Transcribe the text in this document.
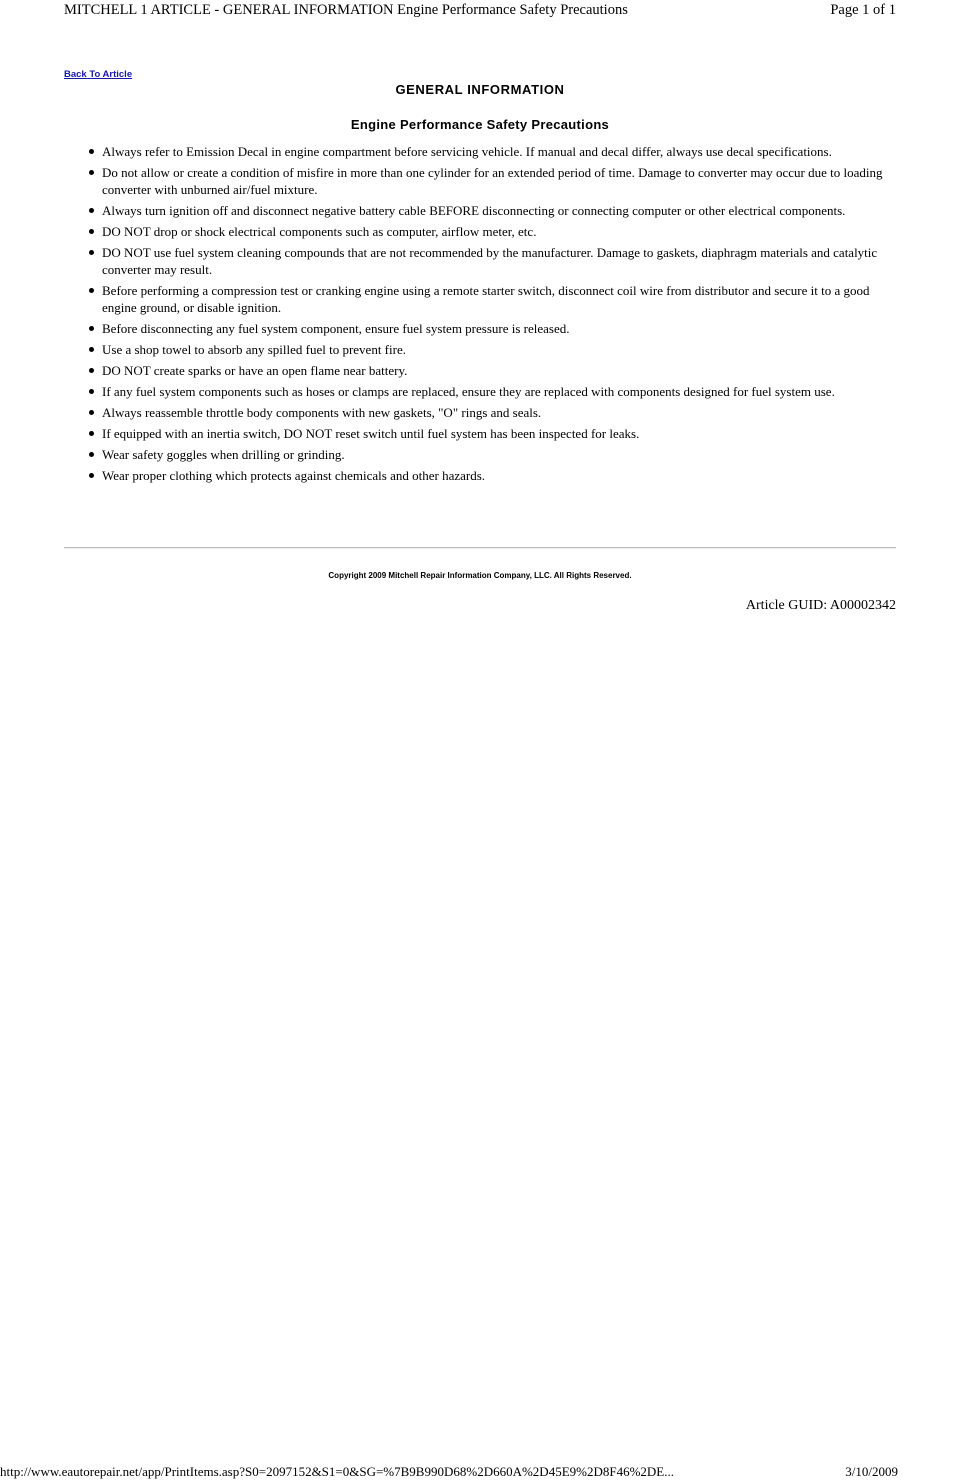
MITCHELL 1 ARTICLE - GENERAL INFORMATION Engine Performance Safety Precautions	Page 1 of 1
Back To Article
GENERAL INFORMATION
Engine Performance Safety Precautions
Always refer to Emission Decal in engine compartment before servicing vehicle. If manual and decal differ, always use decal specifications.
Do not allow or create a condition of misfire in more than one cylinder for an extended period of time. Damage to converter may occur due to loading converter with unburned air/fuel mixture.
Always turn ignition off and disconnect negative battery cable BEFORE disconnecting or connecting computer or other electrical components.
DO NOT drop or shock electrical components such as computer, airflow meter, etc.
DO NOT use fuel system cleaning compounds that are not recommended by the manufacturer. Damage to gaskets, diaphragm materials and catalytic converter may result.
Before performing a compression test or cranking engine using a remote starter switch, disconnect coil wire from distributor and secure it to a good engine ground, or disable ignition.
Before disconnecting any fuel system component, ensure fuel system pressure is released.
Use a shop towel to absorb any spilled fuel to prevent fire.
DO NOT create sparks or have an open flame near battery.
If any fuel system components such as hoses or clamps are replaced, ensure they are replaced with components designed for fuel system use.
Always reassemble throttle body components with new gaskets, "O" rings and seals.
If equipped with an inertia switch, DO NOT reset switch until fuel system has been inspected for leaks.
Wear safety goggles when drilling or grinding.
Wear proper clothing which protects against chemicals and other hazards.
Copyright 2009 Mitchell Repair Information Company, LLC. All Rights Reserved.
Article GUID: A00002342
http://www.eautorepair.net/app/PrintItems.asp?S0=2097152&S1=0&SG=%7B9B990D68%2D660A%2D45E9%2D8F46%2DE...	3/10/2009
